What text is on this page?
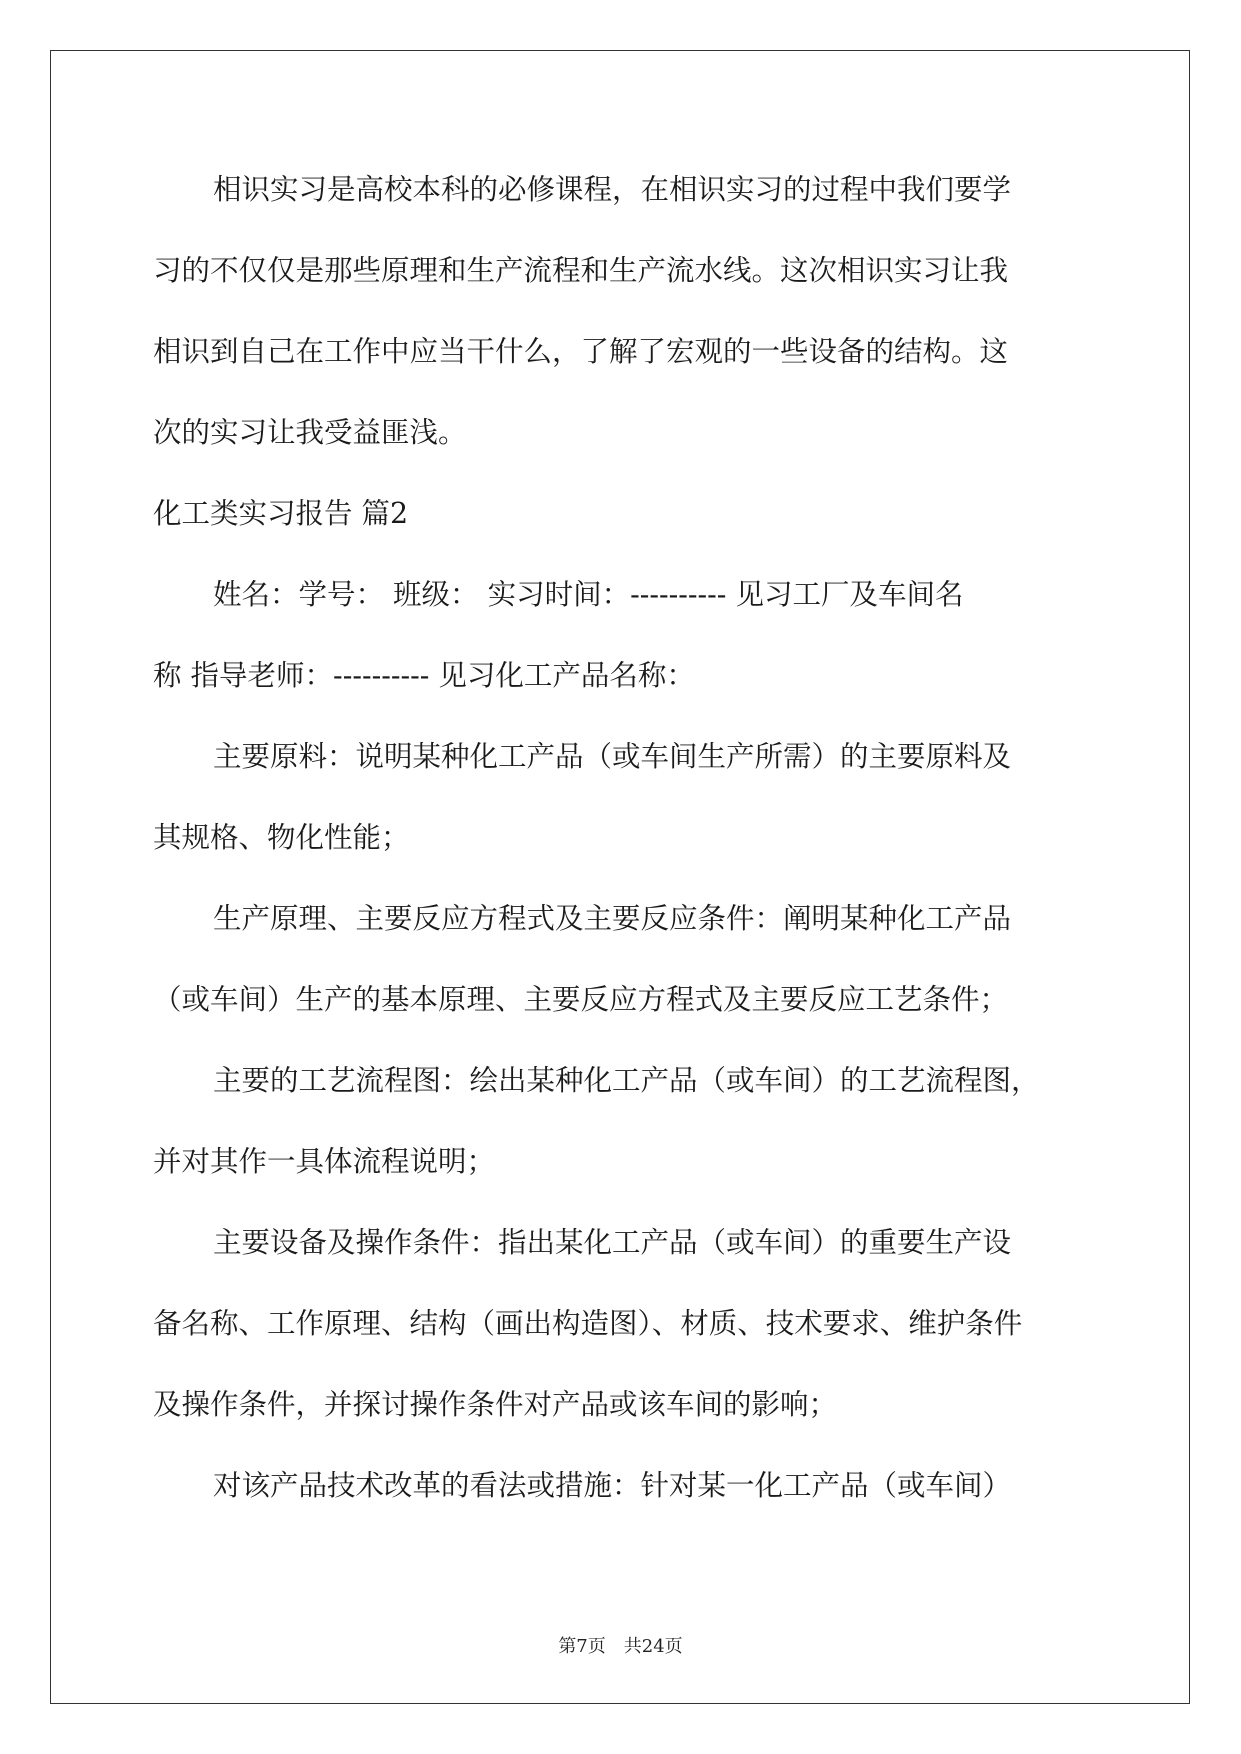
相识实习是高校本科的必修课程，在相识实习的过程中我们要学
习的不仅仅是那些原理和生产流程和生产流水线。这次相识实习让我
相识到自己在工作中应当干什么，了解了宏观的一些设备的结构。这
次的实习让我受益匪浅。
化工类实习报告 篇2
姓名：学号： 班级： 实习时间：---------- 见习工厂及车间名
称 指导老师：---------- 见习化工产品名称：
主要原料：说明某种化工产品（或车间生产所需）的主要原料及
其规格、物化性能；
生产原理、主要反应方程式及主要反应条件：阐明某种化工产品
（或车间）生产的基本原理、主要反应方程式及主要反应工艺条件；
主要的工艺流程图：绘出某种化工产品（或车间）的工艺流程图，
并对其作一具体流程说明；
主要设备及操作条件：指出某化工产品（或车间）的重要生产设
备名称、工作原理、结构（画出构造图）、材质、技术要求、维护条件
及操作条件，并探讨操作条件对产品或该车间的影响；
对该产品技术改革的看法或措施：针对某一化工产品（或车间）
第7页　共24页
